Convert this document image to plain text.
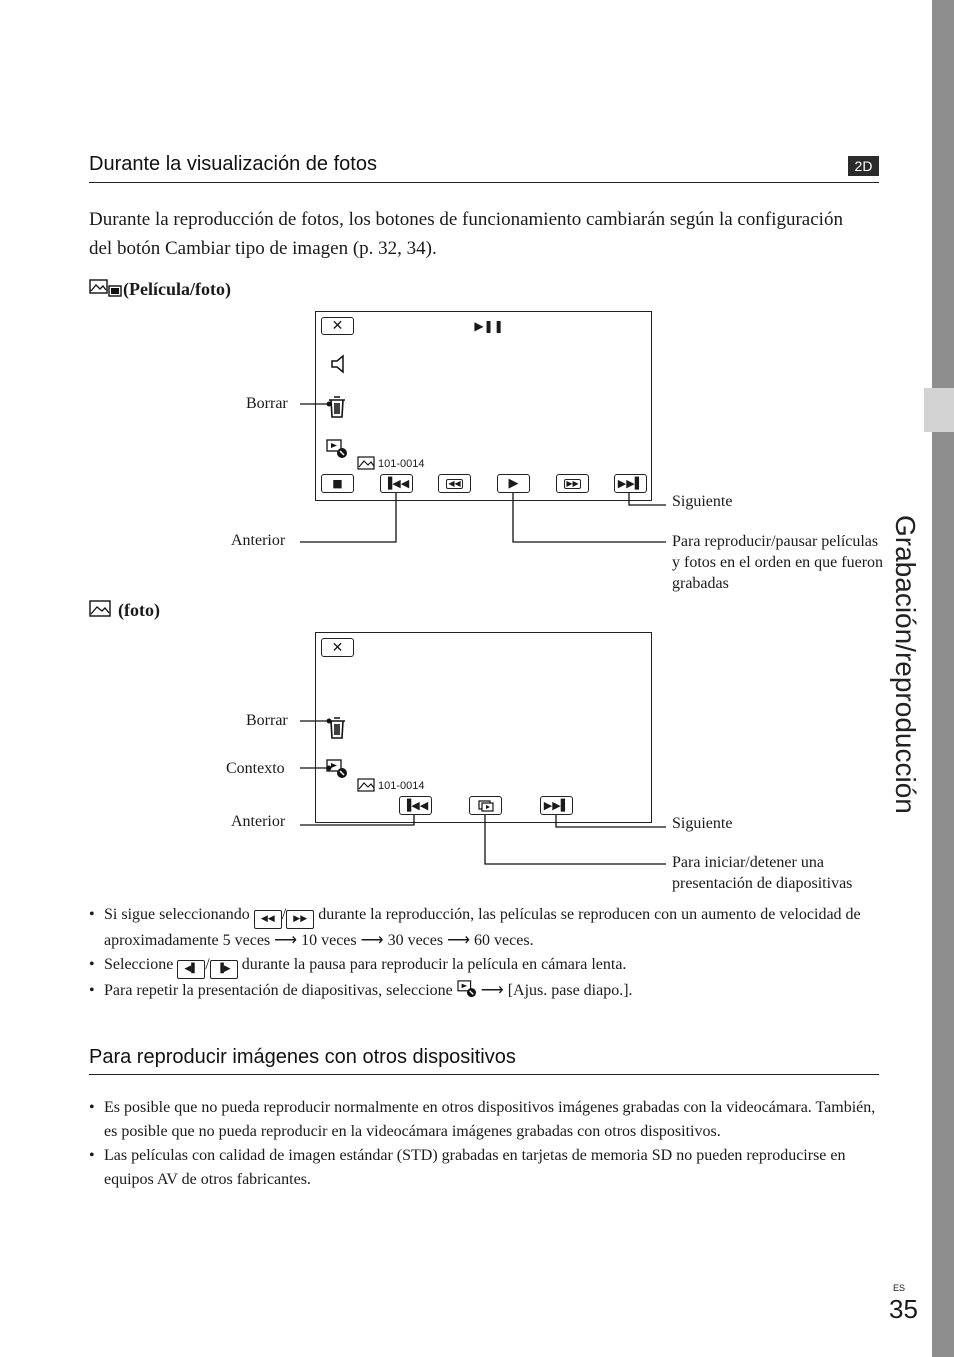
Grabación/reproducción
Durante la visualización de fotos	2D
Durante la reproducción de fotos, los botones de funcionamiento cambiarán según la configuración del botón Cambiar tipo de imagen (p. 32, 34).
(Película/foto)
✕	▶❚❚
101-0014
■	▐◀◀	◀◀	▶	▶▶	▶▶▌
Borrar
Anterior
Siguiente
Para reproducir/pausar películas y fotos en el orden en que fueron grabadas
(foto)
✕
101-0014
▐◀◀	▶▶▌
Borrar
Contexto
Anterior	Siguiente
Para iniciar/detener una presentación de diapositivas
• Si sigue seleccionando ◀◀ / ▶▶ durante la reproducción, las películas se reproducen con un aumento de velocidad de aproximadamente 5 veces ⟶ 10 veces ⟶ 30 veces ⟶ 60 veces.
• Seleccione ◀▌ / ▐▶ durante la pausa para reproducir la película en cámara lenta.
• Para repetir la presentación de diapositivas, seleccione ⟶ [Ajus. pase diapo.].
Para reproducir imágenes con otros dispositivos
• Es posible que no pueda reproducir normalmente en otros dispositivos imágenes grabadas con la videocámara. También, es posible que no pueda reproducir en la videocámara imágenes grabadas con otros dispositivos.
• Las películas con calidad de imagen estándar (STD) grabadas en tarjetas de memoria SD no pueden reproducirse en equipos AV de otros fabricantes.
ES
35
